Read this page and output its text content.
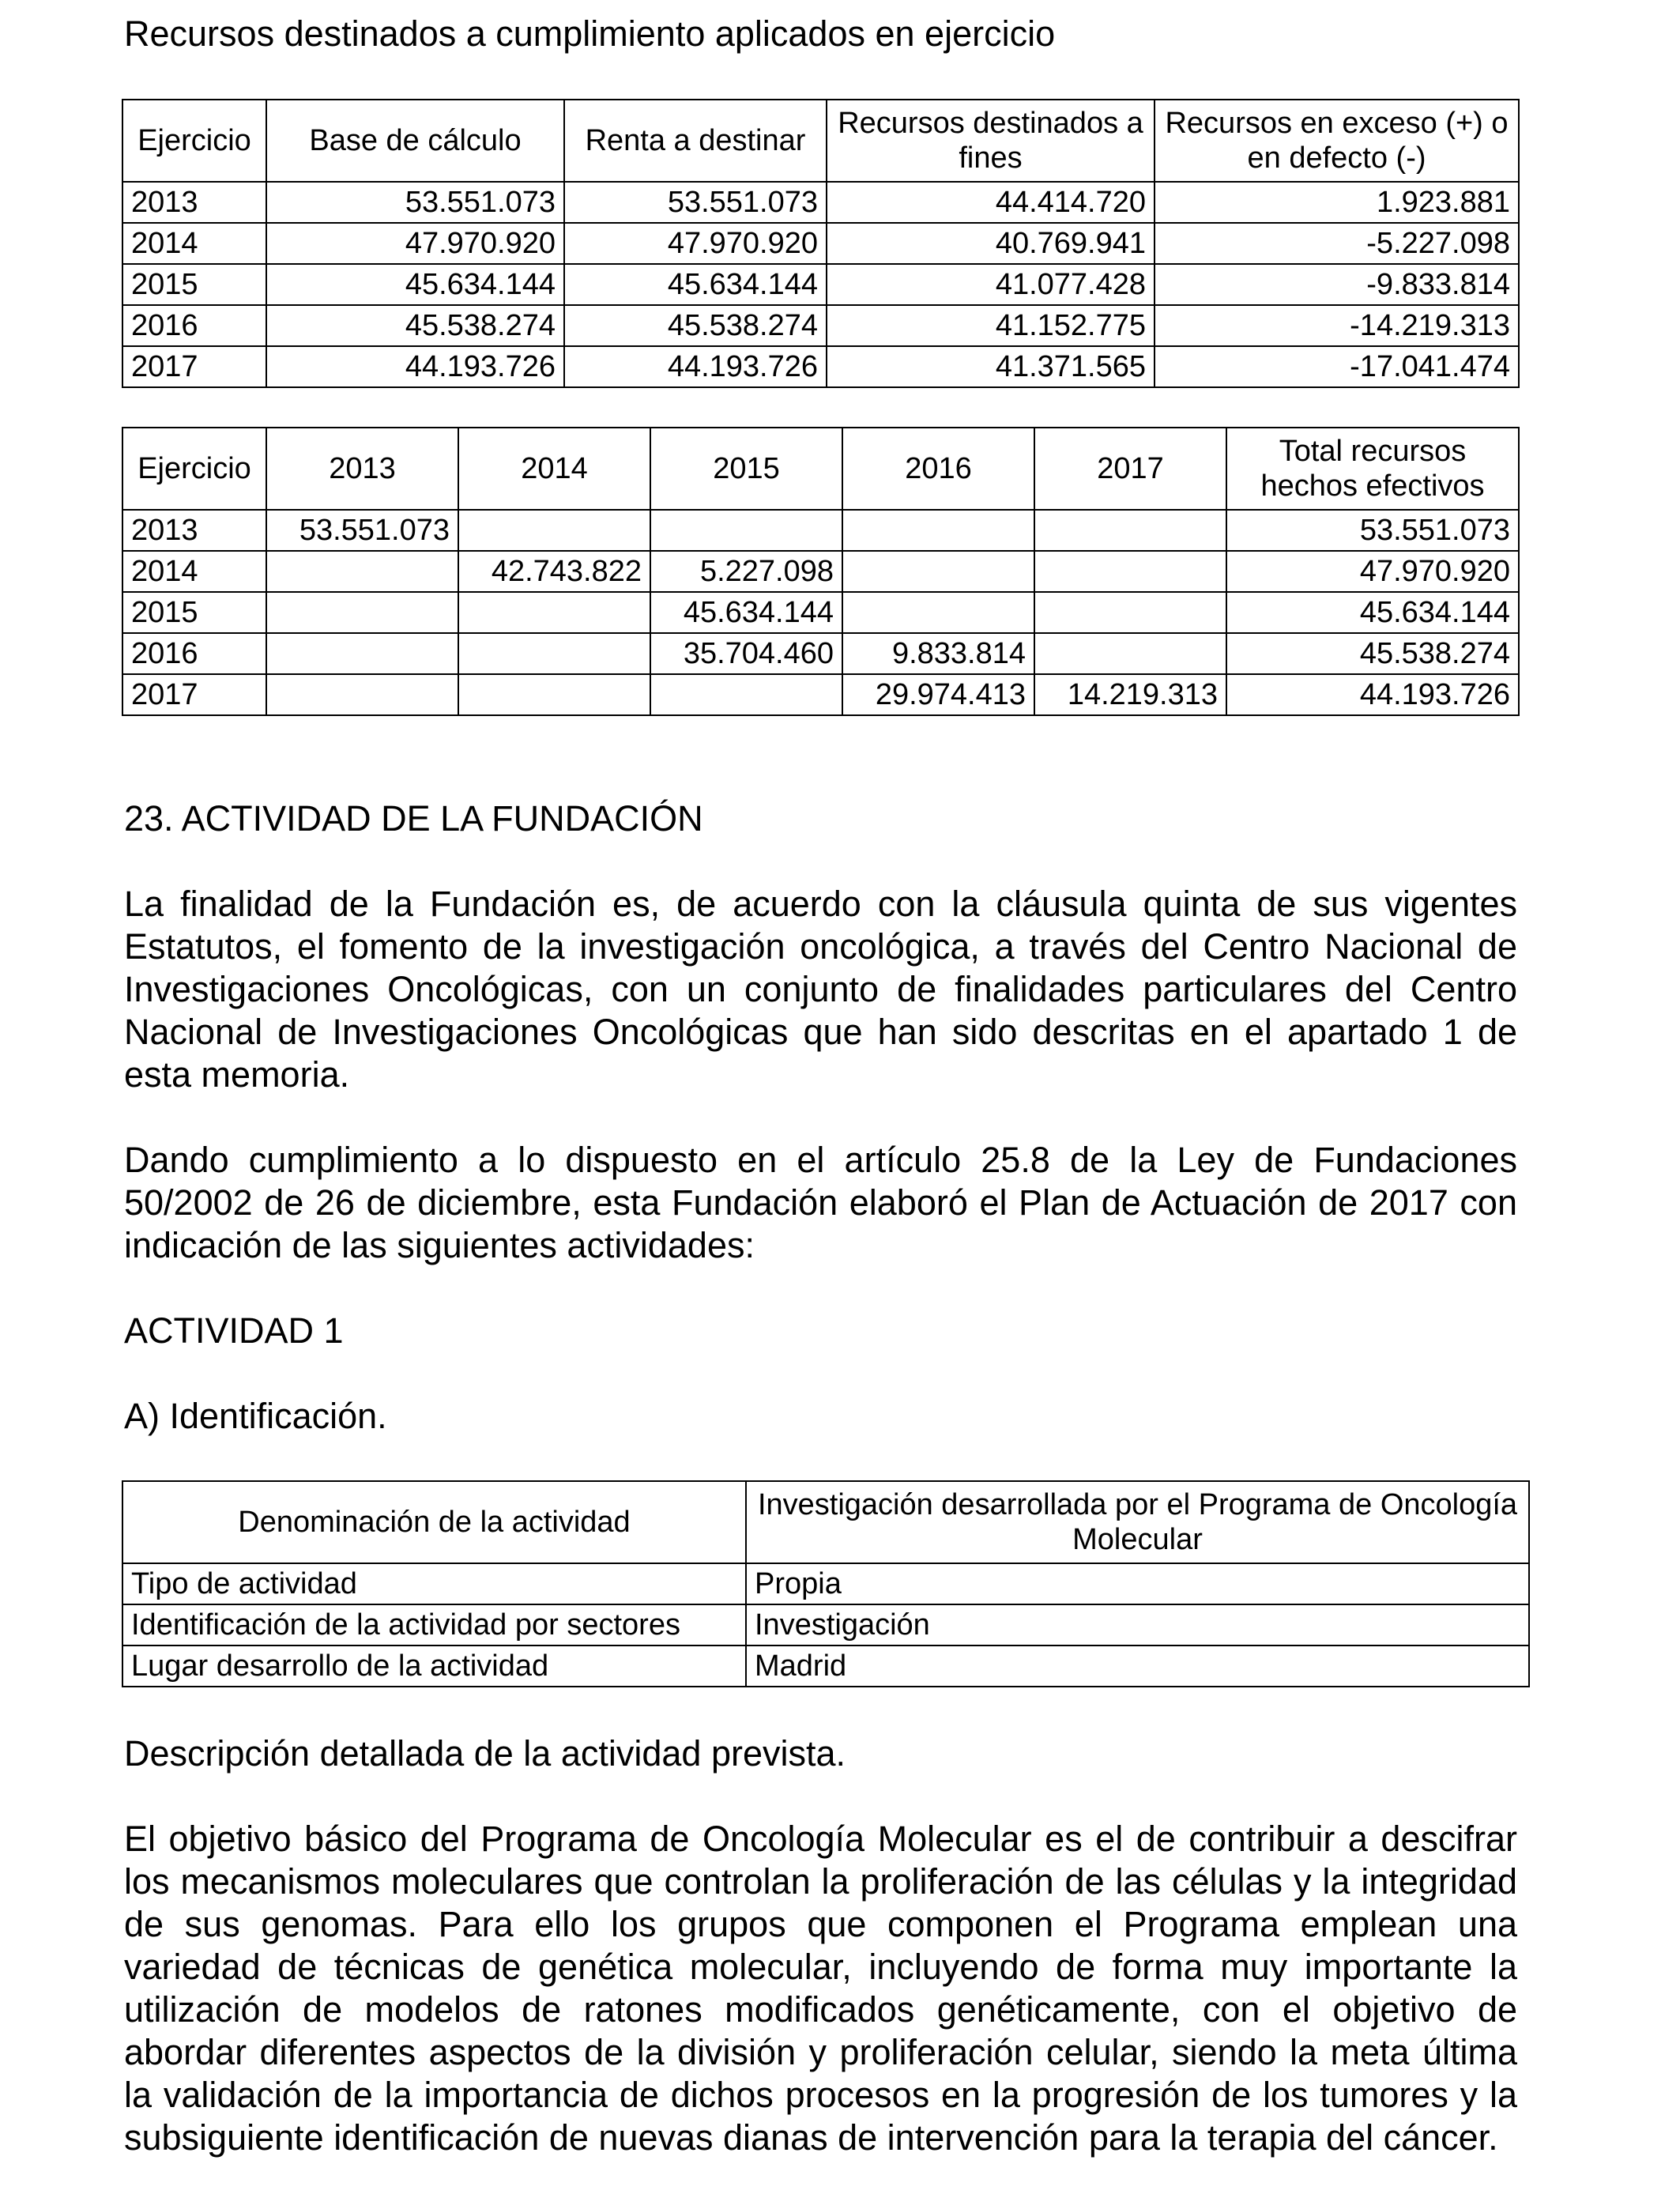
Recursos destinados a cumplimiento aplicados en ejercicio
Ejercicio	Base de cálculo	Renta a destinar	Recursos destinados a fines	Recursos en exceso (+) o en defecto (-)
2013	53.551.073	53.551.073	44.414.720	1.923.881
2014	47.970.920	47.970.920	40.769.941	-5.227.098
2015	45.634.144	45.634.144	41.077.428	-9.833.814
2016	45.538.274	45.538.274	41.152.775	-14.219.313
2017	44.193.726	44.193.726	41.371.565	-17.041.474
Ejercicio	2013	2014	2015	2016	2017	Total recursos hechos efectivos
2013	53.551.073					53.551.073
2014		42.743.822	5.227.098			47.970.920
2015			45.634.144			45.634.144
2016			35.704.460	9.833.814		45.538.274
2017				29.974.413	14.219.313	44.193.726
23. ACTIVIDAD DE LA FUNDACIÓN

La finalidad de la Fundación es, de acuerdo con la cláusula quinta de sus vigentes Estatutos, el fomento de la investigación oncológica, a través del Centro Nacional de Investigaciones Oncológicas, con un conjunto de finalidades particulares del Centro Nacional de Investigaciones Oncológicas que han sido descritas en el apartado 1 de esta memoria.

Dando cumplimiento a lo dispuesto en el artículo 25.8 de la Ley de Fundaciones 50/2002 de 26 de diciembre, esta Fundación elaboró el Plan de Actuación de 2017 con indicación de las siguientes actividades:

ACTIVIDAD 1
A) Identificación.
Denominación de la actividad	Investigación desarrollada por el Programa de Oncología Molecular
Tipo de actividad	Propia
Identificación de la actividad por sectores	Investigación
Lugar desarrollo de la actividad	Madrid
Descripción detallada de la actividad prevista.

El objetivo básico del Programa de Oncología Molecular es el de contribuir a descifrar los mecanismos moleculares que controlan la proliferación de las células y la integridad de sus genomas. Para ello los grupos que componen el Programa emplean una variedad de técnicas de genética molecular, incluyendo de forma muy importante la utilización de modelos de ratones modificados genéticamente, con el objetivo de abordar diferentes aspectos de la división y proliferación celular, siendo la meta última la validación de la importancia de dichos procesos en la progresión de los tumores y la subsiguiente identificación de nuevas dianas de intervención para la terapia del cáncer.
